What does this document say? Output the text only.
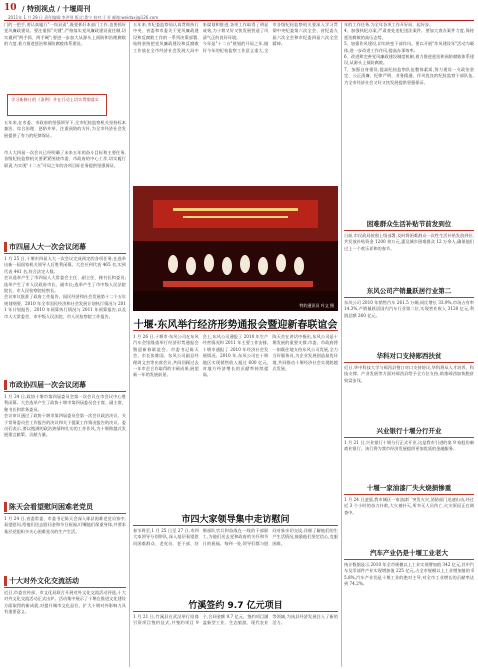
10 / 特别视点 / 十堰周刊
2011年 1 月 29 日 责任编辑:李洪领 版式:娄宁 校对:于芳 邮箱:weidaxj@126.com
门的一把手,要认真履行"一岗双责",既要抓好本部门工作,也要抓好党风廉政建设。要注重抓"关键",严格落实党风廉政建设责任制,切实做到"两手抓、两手硬";要进一步加大从源头上预防和治理腐败的力度,着力推进惩治和预防腐败体系建设。
学习新修订的《条例》并在行动上切实贯彻落实
五年来,在市委、市政府的坚强领导下,全市纪检监察机关坚持标本兼治、综合治理、惩防并举、注重预防的方针,为全市经济社会发展提供了有力的纪律保证。
市人大四届一次会议已经明确了未来五年的奋斗目标和主要任务,各级纪检监察机关要紧紧围绕市委、市政府的中心工作,切实履行职责,为实现"十二五"开局之年的各项目标任务提供坚强保证。
市四届人大一次会议闭幕
1 月 25 日,十堰市四届人大一次会议完成预定的各项任务,在选举出新一届国家机关领导人后胜利闭幕。大会应到代表 465 名,实到代表 441 名,符合法定人数。
会议选举产生了市四届人大常委会主任、副主任、秘书长和委员;选举产生了市人民政府市长、副市长;选举产生了市中级人民法院院长、市人民检察院检察长。
会议审议批准了政府工作报告、国民经济和社会发展第十二个五年规划纲要、2010 年全市国民经济和社会发展计划执行情况与 2011 年计划报告、2010 年预算执行情况与 2011 年预算报告,以及市人大常委会、市中级人民法院、市人民检察院工作报告。
市政协四届一次会议闭幕
1 月 24 日,政协十堰市第四届委员会第一次会议在市会议中心胜利闭幕。大会选举产生了政协十堰市第四届委员会主席、副主席、秘书长和常务委员。
会议审议通过了政协十堰市第四届委员会第一次会议政治决议、关于常务委员会工作报告的决议和关于提案工作情况报告的决议。委员们表示,要以饱满的政治热情和扎实的工作作风,为十堰跨越式发展建言献策、贡献力量。
陈天会看望慰问困难老党员
1 月 24 日,省委常委、市委书记陈天会深入郧县困难老党员家中,看望慰问,给他们送去慰问金和节日祝福,叮嘱他们保重身体,并要求基层党组织多关心困难党员的生产生活。
十大对外文化交流活动
近日,市委宣传部、市文化局联合开展对外文化交流活动评选,十大对外文化交流活动正式出炉。活动集中展示了十堰在推进文化建设方面取得的新成就,对提升城市文化品位、扩大十堰对外影响力具有重要意义。
五年来,市纪委监察局认真贯彻执行中央、省委和市委关于党风廉政建设和反腐败工作的一系列决策部署,始终坚持把党风廉政建设和反腐败工作放在全市经济社会发展大局中来谋划和推进,各项工作取得了明显成效,为十堰又好又快发展营造了风清气正的良好环境。
今年是"十二五"规划的开局之年,做好今年的纪检监察工作意义重大,全市各级纪检监察机关要深入学习贯彻中央纪委第六次全会、省纪委九届六次全会和市纪委四届六次全会精神。
特约通讯员 叶文 摄
十堰·东风举行经济形势通报会暨迎新春联谊会
1 月 26 日,十堰市·东风公司在东风汽车会馆隆重举行经济形势通报会暨迎新春联谊会。市委书记陈天会、市长张维国、东风公司副总经理周文杰等出席会议,共同回顾过去一年市企合作取得的丰硕成果,展望新一年的发展前景。
会上,东风公司通报了 2010 年生产经营情况和 2011 年主要工作安排,十堰市通报了 2010 年经济社会发展情况。2010 年,东风公司在十堰地区实现销售收入超过 600 亿元,对地方经济增长的贡献率持续提高。
陈天会在讲话中指出,东风公司是十堰发展的重要支撑,市委、市政府将一如既往地支持东风公司发展,全力当好服务员,为企业发展创造最优环境,共同推动十堰经济社会实现跨越式发展。
市四大家领导集中走访慰问
春节将至,1 月 25 日至 27 日,市四大家领导分别带队,深入基层看望慰问困难群众、老党员、老干部、驻堰部队官兵和奋战在一线的干部职工,为他们送去党和政府的关怀和节日的祝福。每到一处,领导们都与慰问对象亲切交谈,详细了解他们的生产生活情况,鼓励他们坚定信心,克服困难。
竹溪签约 9.7 亿元项目
1 月 21 日,竹溪县在武汉举行招商引资项目签约仪式,共签约项目 9 个,合同金额 9.7 亿元。签约项目涵盖新型工业、生态旅游、现代农业等领域,为该县经济发展注入了新的活力。
年的工作任务,为全年各项工作开好局、起好步。
4、加强执纪办案,严肃查处违纪违法案件。要加大查办案件力度,保持惩治腐败的高压态势。
5、加强作风建设,切实转变干部作风。要以开展"作风建设年"活动为载体,进一步改进工作作风,提高办事效率。
6、改进和完善党风廉政建设制度机制,着力推进惩治和预防腐败体系建设,从源头上预防腐败。
7、加强自身建设,提高纪检监察队伍整体素质,努力建设一支政治坚定、公正清廉、纪律严明、业务精通、作风优良的纪检监察干部队伍,为全市经济社会又好又快发展提供坚强保证。
困难群众生活补贴节前发到位
日前,市民政局按照上级部署,及时将困难群众一次性生活补贴发放到位,共发放补贴资金 1200 余万元,惠及城乡困难群众 12 万余人,确保他们过上一个欢乐祥和的春节。
东风公司产销量跃居行业第二
东风公司 2010 年销售汽车 261.5 万辆,同比增长 33.9%,市场占有率 14.3%,产销量跃居国内汽车行业第二位,实现营业收入 3120 亿元,利润总额 260 亿元。
华科对口支持郧西扶贫
近日,华中科技大学与郧西县签订对口支持协议,华科将从人才培养、科技支撑、产业发展等方面对郧西县给予全方位支持,助推郧西加快脱贫致富步伐。
兴业银行十堰分行开业
1 月 21 日,兴业银行十堰分行正式开业,这是我市引进的第 9 家股份制商业银行。该行将为我市经济发展提供更加优质的金融服务。
十堰一家油漆厂失火烧损惨重
1 月 24 日凌晨,我市城区一家油漆厂突发火灾,消防部门迅速出动,经过近 3 个小时的奋力扑救,大火被扑灭,所幸无人员伤亡,火灾原因正在调查中。
汽车产业仍是十堰工业老大
统计数据显示,2010 年全市规模以上工业实现增加值 342 亿元,其中汽车及零部件产业实现增加值 225 亿元,占全市规模以上工业增加值的 65.8%,汽车产业仍是十堰工业的绝对主导,对全市工业增长的贡献率达到 74.2%。
